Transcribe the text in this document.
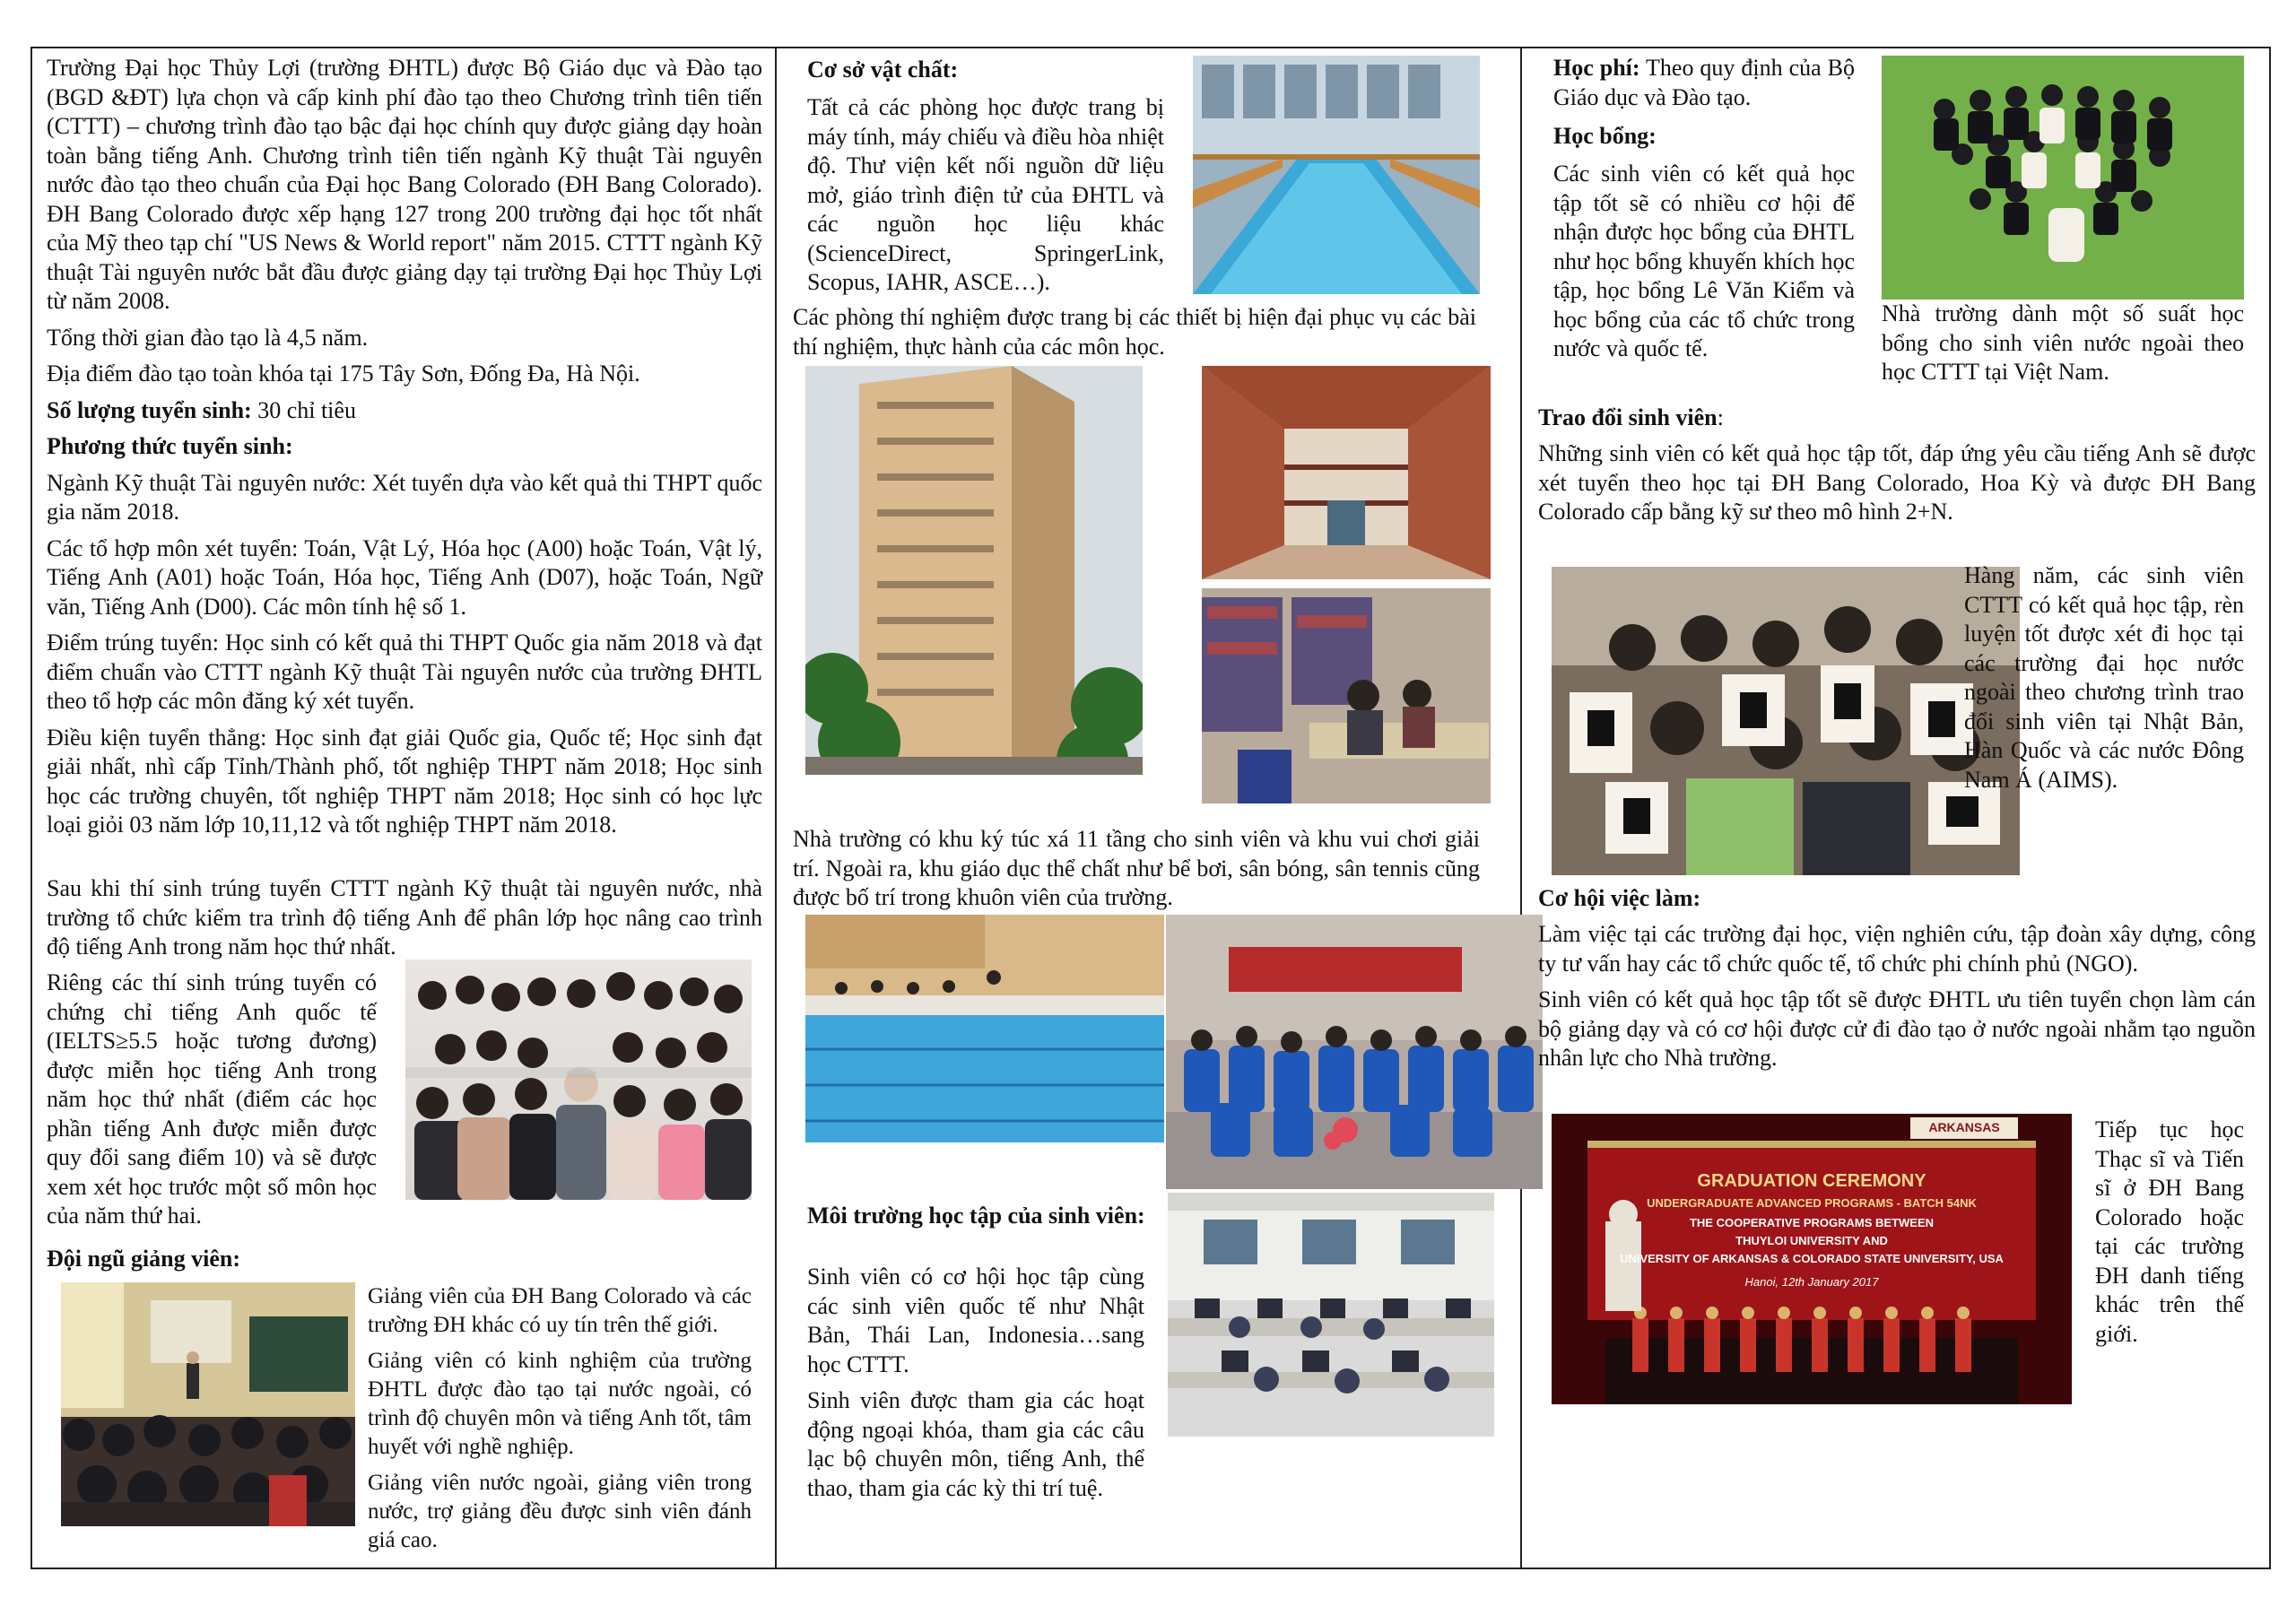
Trường Đại học Thủy Lợi (trường ĐHTL) được Bộ Giáo dục và Đào tạo (BGD &ĐT) lựa chọn và cấp kinh phí đào tạo theo Chương trình tiên tiến (CTTT) – chương trình đào tạo bậc đại học chính quy được giảng dạy hoàn toàn bằng tiếng Anh. Chương trình tiên tiến ngành Kỹ thuật Tài nguyên nước đào tạo theo chuẩn của Đại học Bang Colorado (ĐH Bang Colorado). ĐH Bang Colorado được xếp hạng 127 trong 200 trường đại học tốt nhất của Mỹ theo tạp chí "US News & World report" năm 2015. CTTT ngành Kỹ thuật Tài nguyên nước bắt đầu được giảng dạy tại trường Đại học Thủy Lợi từ năm 2008.

Tổng thời gian đào tạo là 4,5 năm.

Địa điểm đào tạo toàn khóa tại 175 Tây Sơn, Đống Đa, Hà Nội.

Số lượng tuyển sinh: 30 chỉ tiêu

Phương thức tuyển sinh:

Ngành Kỹ thuật Tài nguyên nước: Xét tuyển dựa vào kết quả thi THPT quốc gia năm 2018.

Các tổ hợp môn xét tuyển: Toán, Vật Lý, Hóa học (A00) hoặc Toán, Vật lý, Tiếng Anh (A01) hoặc Toán, Hóa học, Tiếng Anh (D07), hoặc Toán, Ngữ văn, Tiếng Anh (D00). Các môn tính hệ số 1.

Điểm trúng tuyển: Học sinh có kết quả thi THPT Quốc gia năm 2018 và đạt điểm chuẩn vào CTTT ngành Kỹ thuật Tài nguyên nước của trường ĐHTL theo tổ hợp các môn đăng ký xét tuyển.

Điều kiện tuyển thẳng: Học sinh đạt giải Quốc gia, Quốc tế; Học sinh đạt giải nhất, nhì cấp Tỉnh/Thành phố, tốt nghiệp THPT năm 2018; Học sinh học các trường chuyên, tốt nghiệp THPT năm 2018; Học sinh có học lực loại giỏi 03 năm lớp 10,11,12 và tốt nghiệp THPT năm 2018.

Sau khi thí sinh trúng tuyển CTTT ngành Kỹ thuật tài nguyên nước, nhà trường tổ chức kiểm tra trình độ tiếng Anh để phân lớp học nâng cao trình độ tiếng Anh trong năm học thứ nhất.
Riêng các thí sinh trúng tuyển có chứng chỉ tiếng Anh quốc tế (IELTS≥5.5 hoặc tương đương) được miễn học tiếng Anh trong năm học thứ nhất (điểm các học phần tiếng Anh được miễn được quy đổi sang điểm 10) và sẽ được xem xét học trước một số môn học của năm thứ hai.
Đội ngũ giảng viên:

Giảng viên của ĐH Bang Colorado và các trường ĐH khác có uy tín trên thế giới.

Giảng viên có kinh nghiệm của trường ĐHTL được đào tạo tại nước ngoài, có trình độ chuyên môn và tiếng Anh tốt, tâm huyết với nghề nghiệp.

Giảng viên nước ngoài, giảng viên trong nước, trợ giảng đều được sinh viên đánh giá cao.

Cơ sở vật chất:
Tất cả các phòng học được trang bị máy tính, máy chiếu và điều hòa nhiệt độ. Thư viện kết nối nguồn dữ liệu mở, giáo trình điện tử của ĐHTL và các nguồn học liệu khác (ScienceDirect, SpringerLink, Scopus, IAHR, ASCE…).
Các phòng thí nghiệm được trang bị các thiết bị hiện đại phục vụ các bài thí nghiệm, thực hành của các môn học.
Nhà trường có khu ký túc xá 11 tầng cho sinh viên và khu vui chơi giải trí. Ngoài ra, khu giáo dục thể chất như bể bơi, sân bóng, sân tennis cũng được bố trí trong khuôn viên của trường.
Môi trường học tập của sinh viên:

Sinh viên có cơ hội học tập cùng các sinh viên quốc tế như Nhật Bản, Thái Lan, Indonesia…sang học CTTT.

Sinh viên được tham gia các hoạt động ngoại khóa, tham gia các câu lạc bộ chuyên môn, tiếng Anh, thể thao, tham gia các kỳ thi trí tuệ.

Học phí: Theo quy định của Bộ Giáo dục và Đào tạo.

Học bổng:
Các sinh viên có kết quả học tập tốt sẽ có nhiều cơ hội để nhận được học bổng của ĐHTL như học bổng khuyến khích học tập, học bổng Lê Văn Kiểm và học bổng của các tổ chức trong nước và quốc tế.
Nhà trường dành một số suất học bổng cho sinh viên nước ngoài theo học CTTT tại Việt Nam.

Trao đổi sinh viên:

Những sinh viên có kết quả học tập tốt, đáp ứng yêu cầu tiếng Anh sẽ được xét tuyển theo học tại ĐH Bang Colorado, Hoa Kỳ và được ĐH Bang Colorado cấp bằng kỹ sư theo mô hình 2+N.
Hàng năm, các sinh viên CTTT có kết quả học tập, rèn luyện tốt được xét đi học tại các trường đại học nước ngoài theo chương trình trao đổi sinh viên tại Nhật Bản, Hàn Quốc và các nước Đông Nam Á (AIMS).
Cơ hội việc làm:

Làm việc tại các trường đại học, viện nghiên cứu, tập đoàn xây dựng, công ty tư vấn hay các tổ chức quốc tế, tổ chức phi chính phủ (NGO).

Sinh viên có kết quả học tập tốt sẽ được ĐHTL ưu tiên tuyển chọn làm cán bộ giảng dạy và có cơ hội được cử đi đào tạo ở nước ngoài nhằm tạo nguồn nhân lực cho Nhà trường.

ARKANSAS
GRADUATION CEREMONY
UNDERGRADUATE ADVANCED PROGRAMS - BATCH 54NK
THE COOPERATIVE PROGRAMS BETWEEN
THUYLOI UNIVERSITY AND
UNIVERSITY OF ARKANSAS & COLORADO STATE UNIVERSITY, USA
Hanoi, 12th January 2017
Tiếp tục học Thạc sĩ và Tiến sĩ ở ĐH Bang Colorado hoặc tại các trường ĐH danh tiếng khác trên thế giới.
